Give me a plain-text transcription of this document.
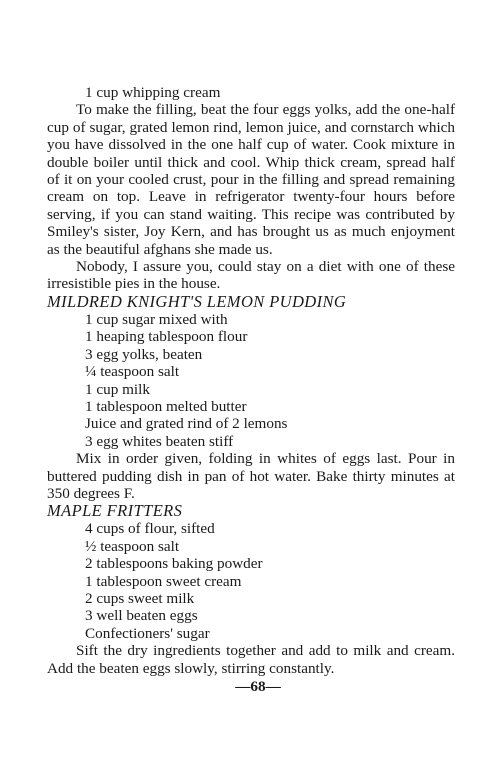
1 cup whipping cream

To make the filling, beat the four eggs yolks, add the one-half cup of sugar, grated lemon rind, lemon juice, and cornstarch which you have dissolved in the one half cup of water. Cook mixture in double boiler until thick and cool. Whip thick cream, spread half of it on your cooled crust, pour in the filling and spread remaining cream on top. Leave in refrigerator twenty-four hours before serving, if you can stand waiting. This recipe was contributed by Smiley's sister, Joy Kern, and has brought us as much enjoyment as the beautiful afghans she made us.

Nobody, I assure you, could stay on a diet with one of these irresistible pies in the house.

MILDRED KNIGHT'S LEMON PUDDING
1 cup sugar mixed with
1 heaping tablespoon flour
3 egg yolks, beaten
¼ teaspoon salt
1 cup milk
1 tablespoon melted butter
Juice and grated rind of 2 lemons
3 egg whites beaten stiff

Mix in order given, folding in whites of eggs last. Pour in buttered pudding dish in pan of hot water. Bake thirty minutes at 350 degrees F.

MAPLE FRITTERS
4 cups of flour, sifted
½ teaspoon salt
2 tablespoons baking powder
1 tablespoon sweet cream
2 cups sweet milk
3 well beaten eggs
Confectioners' sugar

Sift the dry ingredients together and add to milk and cream. Add the beaten eggs slowly, stirring constantly.

—68—
